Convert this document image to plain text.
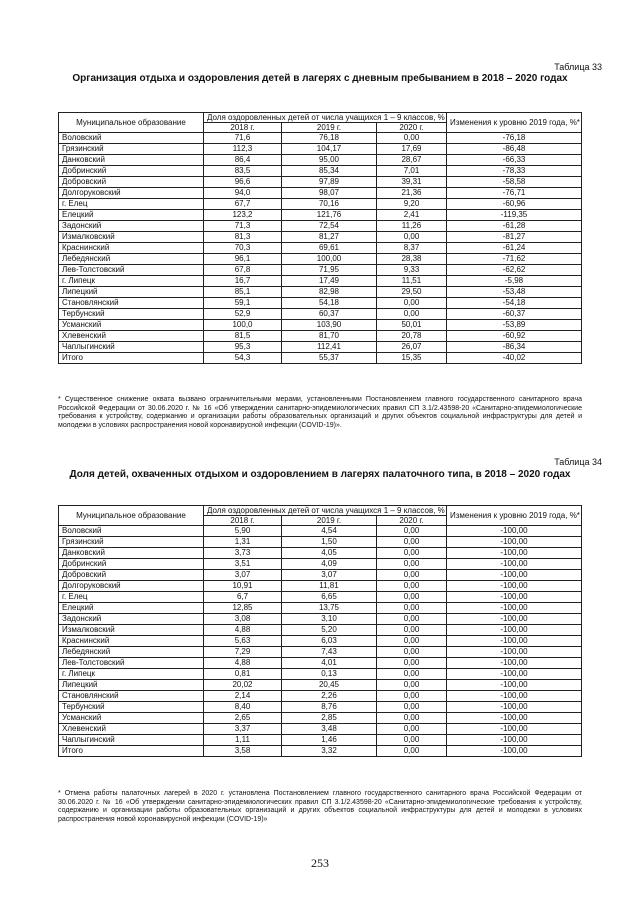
Таблица 33
Организация отдыха и оздоровления детей в лагерях с дневным пребыванием в 2018 – 2020 годах
Муниципальное образование	Доля оздоровленных детей от числа учащихся 1 – 9 классов, %			Изменения к уровню 2019 года, %*
	2018 г.	2019 г.	2020 г.	
Воловский	71,6	76,18	0,00	-76,18
Грязинский	112,3	104,17	17,69	-86,48
Данковский	86,4	95,00	28,67	-66,33
Добринский	83,5	85,34	7,01	-78,33
Добровский	96,6	97,89	39,31	-58,58
Долгоруковский	94,0	98,07	21,36	-76,71
г. Елец	67,7	70,16	9,20	-60,96
Елецкий	123,2	121,76	2,41	-119,35
Задонский	71,3	72,54	11,26	-61,28
Измалковский	81,3	81,27	0,00	-81,27
Краснинский	70,3	69,61	8,37	-61,24
Лебедянский	96,1	100,00	28,38	-71,62
Лев-Толстовский	67,8	71,95	9,33	-62,62
г. Липецк	16,7	17,49	11,51	-5,98
Липецкий	85,1	82,98	29,50	-53,48
Становлянский	59,1	54,18	0,00	-54,18
Тербунский	52,9	60,37	0,00	-60,37
Усманский	100,0	103,90	50,01	-53,89
Хлевенский	81,5	81,70	20,78	-60,92
Чаплыгинский	95,3	112,41	26,07	-86,34
Итого	54,3	55,37	15,35	-40,02
* Существенное снижение охвата вызвано ограничительными мерами, установленными Постановлением главного государственного санитарного врача Российской Федерации от 30.06.2020 г. № 16 «Об утверждении санитарно-эпидемиологических правил СП 3.1/2.43598-20 «Санитарно-эпидемиологические требования к устройству, содержанию и организации работы образовательных организаций и других объектов социальной инфраструктуры для детей и молодежи в условиях распространения новой коронавирусной инфекции (COVID-19)».
Таблица 34
Доля детей, охваченных отдыхом и оздоровлением в лагерях палаточного типа, в 2018 – 2020 годах
Муниципальное образование	Доля оздоровленных детей от числа учащихся 1 – 9 классов, %			Изменения к уровню 2019 года, %*
	2018 г.	2019 г.	2020 г.	
Воловский	5,90	4,54	0,00	-100,00
Грязинский	1,31	1,50	0,00	-100,00
Данковский	3,73	4,05	0,00	-100,00
Добринский	3,51	4,09	0,00	-100,00
Добровский	3,07	3,07	0,00	-100,00
Долгоруковский	10,91	11,81	0,00	-100,00
г. Елец	6,7	6,65	0,00	-100,00
Елецкий	12,85	13,75	0,00	-100,00
Задонский	3,08	3,10	0,00	-100,00
Измалковский	4,88	5,20	0,00	-100,00
Краснинский	5,63	6,03	0,00	-100,00
Лебедянский	7,29	7,43	0,00	-100,00
Лев-Толстовский	4,88	4,01	0,00	-100,00
г. Липецк	0,81	0,13	0,00	-100,00
Липецкий	20,02	20,45	0,00	-100,00
Становлянский	2,14	2,26	0,00	-100,00
Тербунский	8,40	8,76	0,00	-100,00
Усманский	2,65	2,85	0,00	-100,00
Хлевенский	3,37	3,48	0,00	-100,00
Чаплыгинский	1,11	1,46	0,00	-100,00
Итого	3,58	3,32	0,00	-100,00
* Отмена работы палаточных лагерей в 2020 г. установлена Постановлением главного государственного санитарного врача Российской Федерации от 30.06.2020 г. № 16 «Об утверждении санитарно-эпидемиологических правил СП 3.1/2.43598-20 «Санитарно-эпидемиологические требования к устройству, содержанию и организации работы образовательных организаций и других объектов социальной инфраструктуры для детей и молодежи в условиях распространения новой коронавирусной инфекции (COVID-19)»
253
